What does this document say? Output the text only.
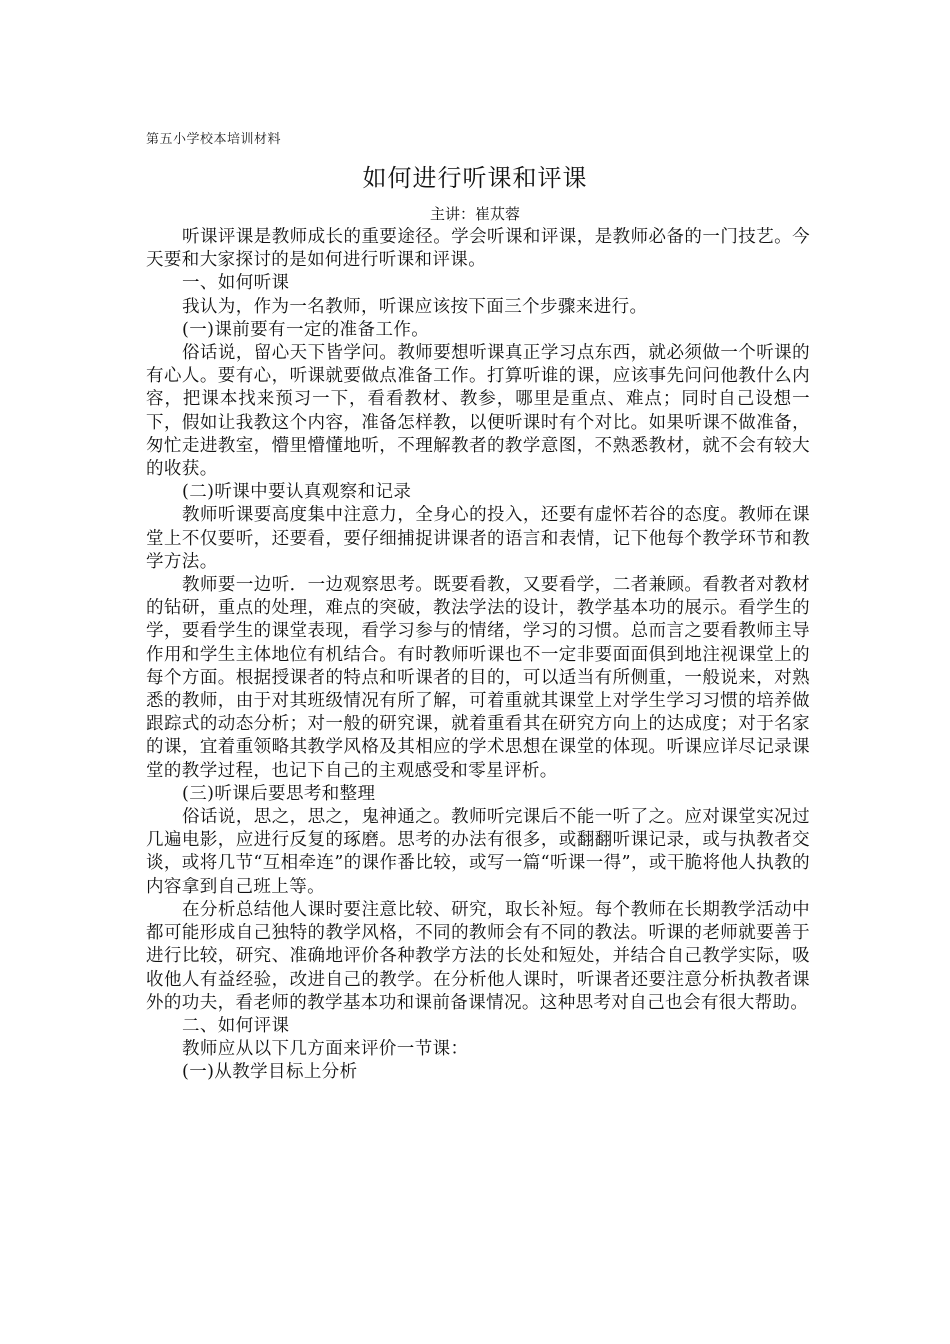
第五小学校本培训材料
如何进行听课和评课
主讲：崔苁蓉

听课评课是教师成长的重要途径。学会听课和评课，是教师必备的一门技艺。今天要和大家探讨的是如何进行听课和评课。

一、如何听课

我认为，作为一名教师，听课应该按下面三个步骤来进行。

(一)课前要有一定的准备工作。

俗话说，留心天下皆学问。教师要想听课真正学习点东西，就必须做一个听课的有心人。要有心，听课就要做点准备工作。打算听谁的课，应该事先问问他教什么内容，把课本找来预习一下，看看教材、教参，哪里是重点、难点；同时自己设想一下，假如让我教这个内容，准备怎样教，以便听课时有个对比。如果听课不做准备，匆忙走进教室，懵里懵懂地听，不理解教者的教学意图，不熟悉教材，就不会有较大的收获。

(二)听课中要认真观察和记录

教师听课要高度集中注意力，全身心的投入，还要有虚怀若谷的态度。教师在课堂上不仅要听，还要看，要仔细捕捉讲课者的语言和表情，记下他每个教学环节和教学方法。

教师要一边听．一边观察思考。既要看教，又要看学，二者兼顾。看教者对教材的钻研，重点的处理，难点的突破，教法学法的设计，教学基本功的展示。看学生的学，要看学生的课堂表现，看学习参与的情绪，学习的习惯。总而言之要看教师主导作用和学生主体地位有机结合。有时教师听课也不一定非要面面俱到地注视课堂上的每个方面。根据授课者的特点和听课者的目的，可以适当有所侧重，一般说来，对熟悉的教师，由于对其班级情况有所了解，可着重就其课堂上对学生学习习惯的培养做跟踪式的动态分析；对一般的研究课，就着重看其在研究方向上的达成度；对于名家的课，宜着重领略其教学风格及其相应的学术思想在课堂的体现。听课应详尽记录课堂的教学过程，也记下自己的主观感受和零星评析。

(三)听课后要思考和整理

俗话说，思之，思之，鬼神通之。教师听完课后不能一听了之。应对课堂实况过几遍电影，应进行反复的琢磨。思考的办法有很多，或翻翻听课记录，或与执教者交谈，或将几节“互相牵连”的课作番比较，或写一篇“听课一得”，或干脆将他人执教的内容拿到自己班上等。

在分析总结他人课时要注意比较、研究，取长补短。每个教师在长期教学活动中都可能形成自己独特的教学风格，不同的教师会有不同的教法。听课的老师就要善于进行比较，研究、准确地评价各种教学方法的长处和短处，并结合自己教学实际，吸收他人有益经验，改进自己的教学。在分析他人课时，听课者还要注意分析执教者课外的功夫，看老师的教学基本功和课前备课情况。这种思考对自己也会有很大帮助。

二、如何评课

教师应从以下几方面来评价一节课：

(一)从教学目标上分析
